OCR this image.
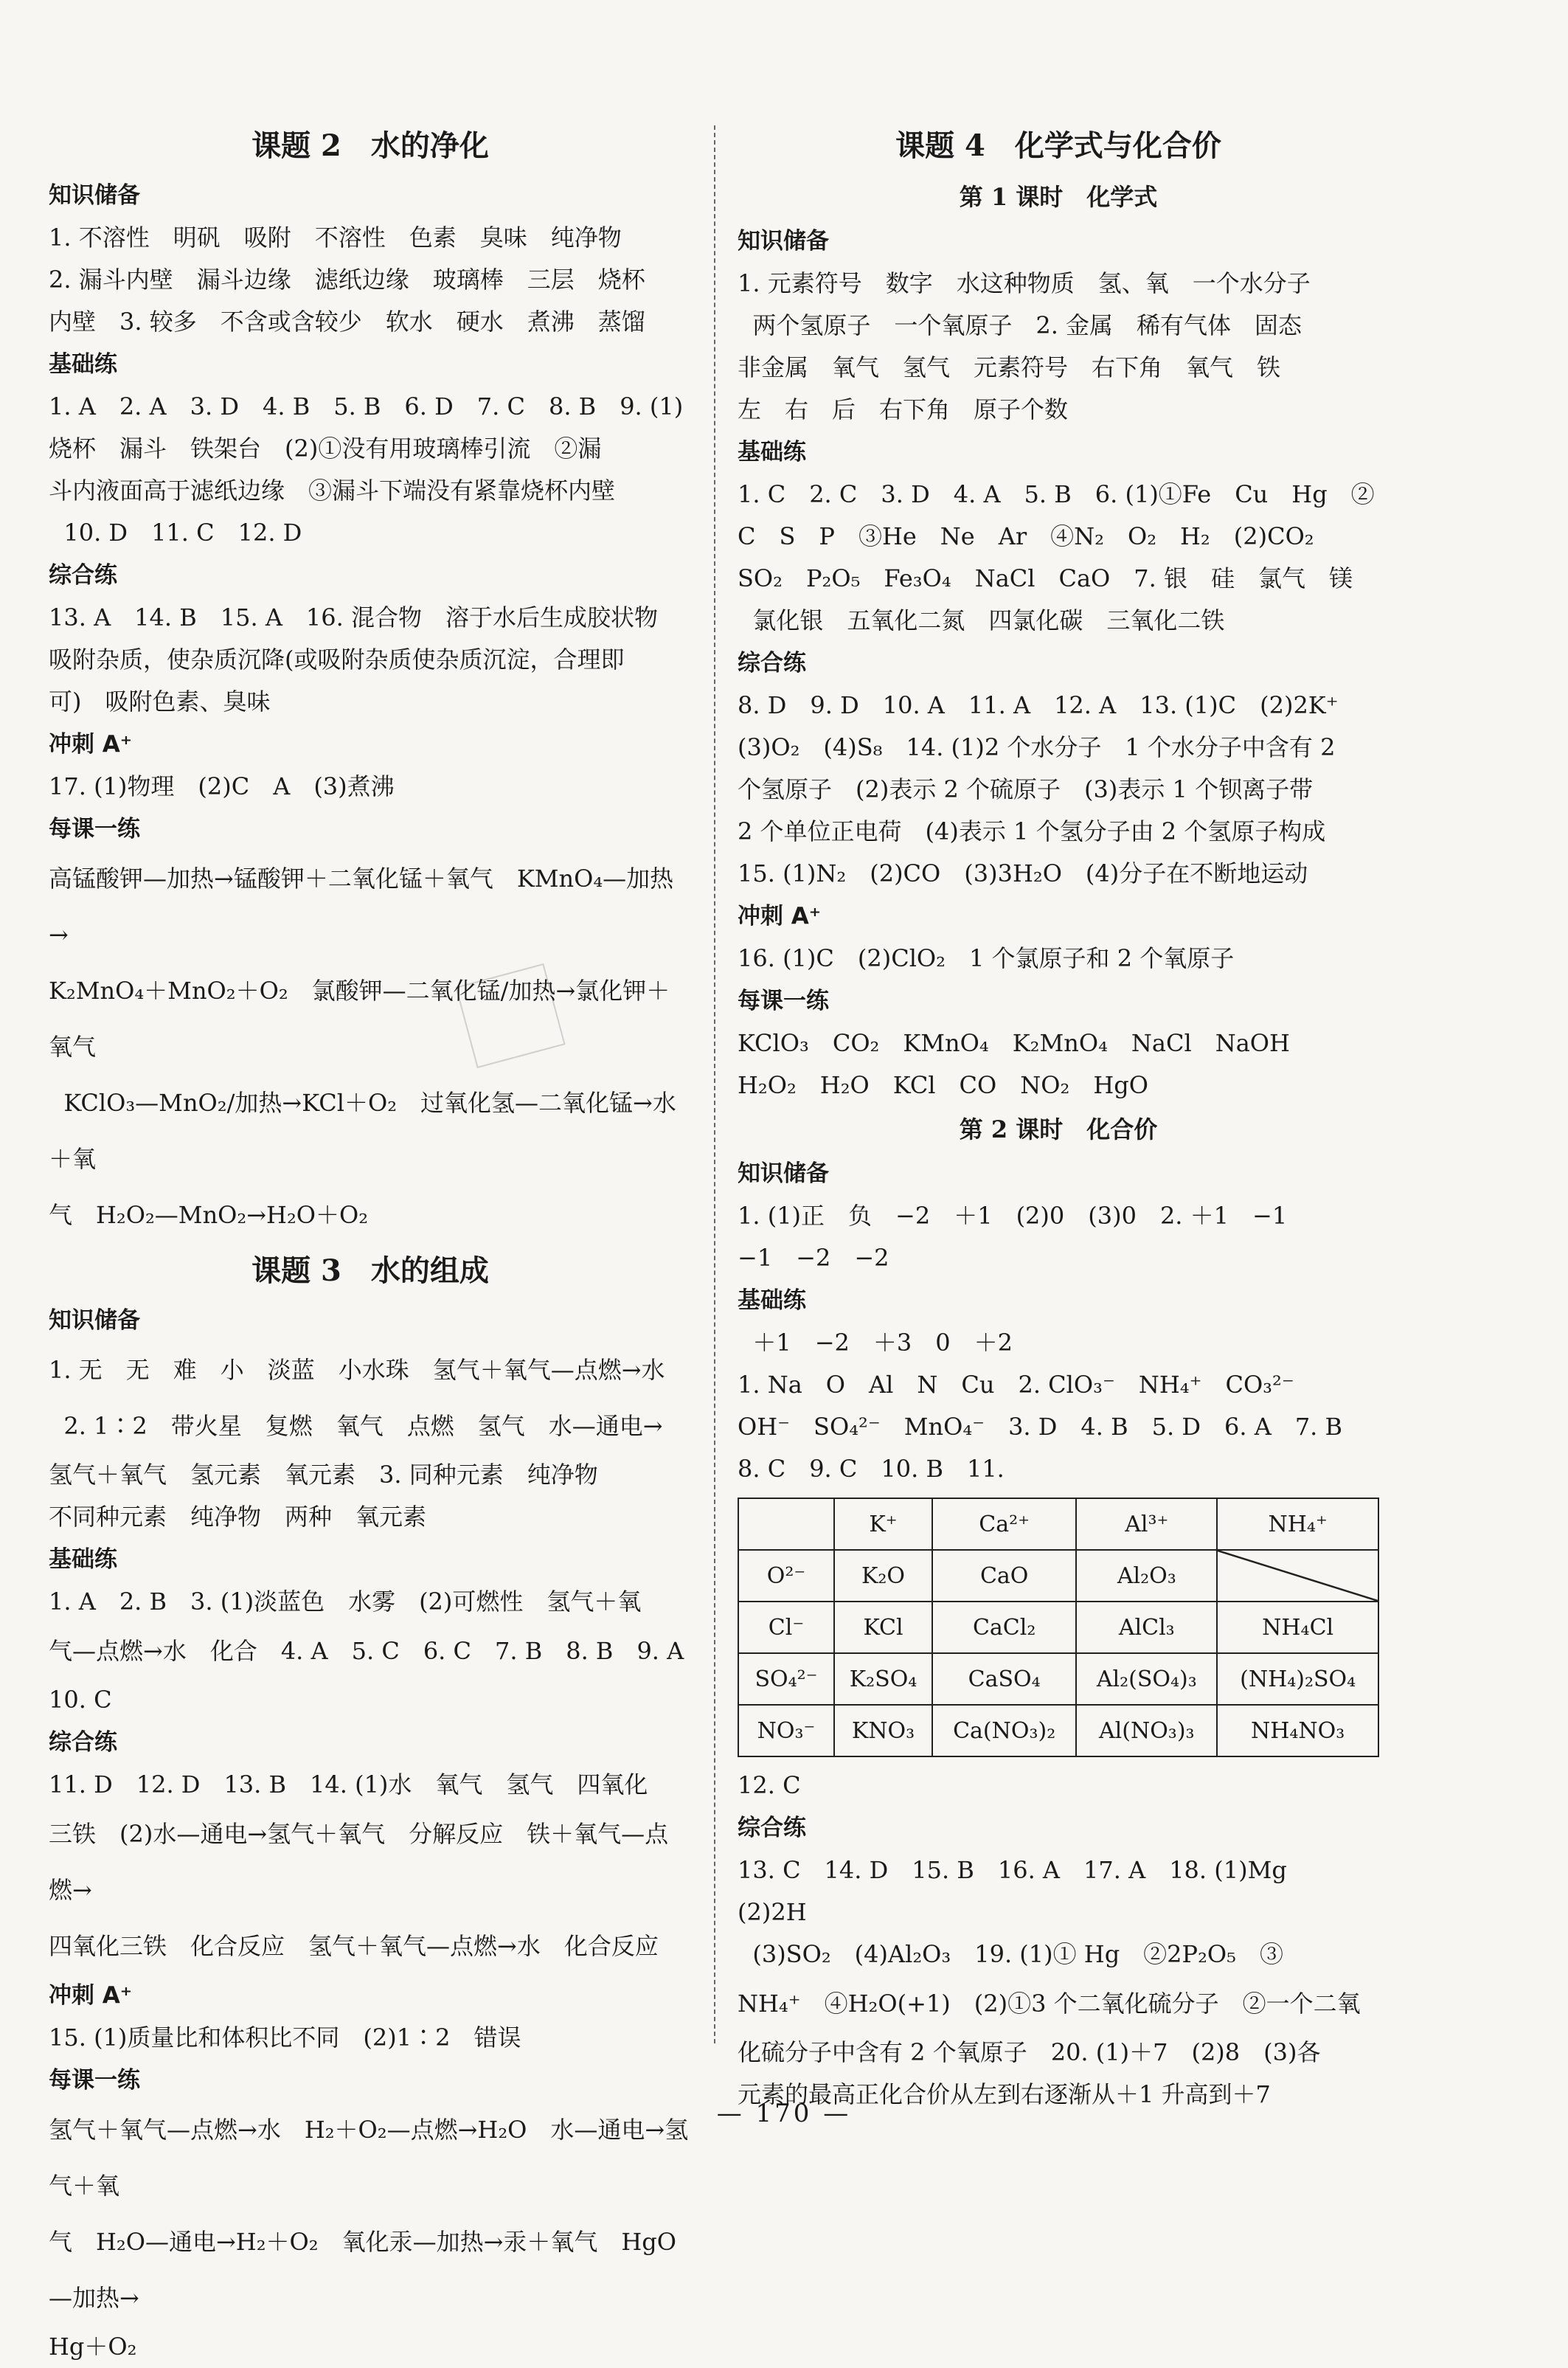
课题 2　水的净化
知识储备

1. 不溶性　明矾　吸附　不溶性　色素　臭味　纯净物

2. 漏斗内壁　漏斗边缘　滤纸边缘　玻璃棒　三层　烧杯

内壁　3. 较多　不含或含较少　软水　硬水　煮沸　蒸馏

基础练

1. A　2. A　3. D　4. B　5. B　6. D　7. C　8. B　9. (1)

烧杯　漏斗　铁架台　(2)①没有用玻璃棒引流　②漏

斗内液面高于滤纸边缘　③漏斗下端没有紧靠烧杯内壁

10. D　11. C　12. D

综合练

13. A　14. B　15. A　16. 混合物　溶于水后生成胶状物

吸附杂质，使杂质沉降(或吸附杂质使杂质沉淀，合理即

可)　吸附色素、臭味

冲刺 A⁺

17. (1)物理　(2)C　A　(3)煮沸

每课一练

高锰酸钾—加热→锰酸钾＋二氧化锰＋氧气　KMnO₄—加热→

K₂MnO₄＋MnO₂＋O₂　氯酸钾—二氧化锰/加热→氯化钾＋氧气

KClO₃—MnO₂/加热→KCl＋O₂　过氧化氢—二氧化锰→水＋氧

气　H₂O₂—MnO₂→H₂O＋O₂

课题 3　水的组成
知识储备

1. 无　无　难　小　淡蓝　小水珠　氢气＋氧气—点燃→水

2. 1∶2　带火星　复燃　氧气　点燃　氢气　水—通电→

氢气＋氧气　氢元素　氧元素　3. 同种元素　纯净物

不同种元素　纯净物　两种　氧元素

基础练

1. A　2. B　3. (1)淡蓝色　水雾　(2)可燃性　氢气＋氧

气—点燃→水　化合　4. A　5. C　6. C　7. B　8. B　9. A

10. C

综合练

11. D　12. D　13. B　14. (1)水　氧气　氢气　四氧化

三铁　(2)水—通电→氢气＋氧气　分解反应　铁＋氧气—点燃→

四氧化三铁　化合反应　氢气＋氧气—点燃→水　化合反应

冲刺 A⁺

15. (1)质量比和体积比不同　(2)1∶2　错误

每课一练

氢气＋氧气—点燃→水　H₂＋O₂—点燃→H₂O　水—通电→氢气＋氧

气　H₂O—通电→H₂＋O₂　氧化汞—加热→汞＋氧气　HgO—加热→

Hg＋O₂

课题 4　化学式与化合价
第 1 课时　化学式
知识储备

1. 元素符号　数字　水这种物质　氢、氧　一个水分子

两个氢原子　一个氧原子　2. 金属　稀有气体　固态

非金属　氧气　氢气　元素符号　右下角　氧气　铁

左　右　后　右下角　原子个数

基础练

1. C　2. C　3. D　4. A　5. B　6. (1)①Fe　Cu　Hg　②

C　S　P　③He　Ne　Ar　④N₂　O₂　H₂　(2)CO₂

SO₂　P₂O₅　Fe₃O₄　NaCl　CaO　7. 银　硅　氯气　镁

氯化银　五氧化二氮　四氯化碳　三氧化二铁

综合练

8. D　9. D　10. A　11. A　12. A　13. (1)C　(2)2K⁺

(3)O₂　(4)S₈　14. (1)2 个水分子　1 个水分子中含有 2

个氢原子　(2)表示 2 个硫原子　(3)表示 1 个钡离子带

2 个单位正电荷　(4)表示 1 个氢分子由 2 个氢原子构成

15. (1)N₂　(2)CO　(3)3H₂O　(4)分子在不断地运动

冲刺 A⁺

16. (1)C　(2)ClO₂　1 个氯原子和 2 个氧原子

每课一练

KClO₃　CO₂　KMnO₄　K₂MnO₄　NaCl　NaOH

H₂O₂　H₂O　KCl　CO　NO₂　HgO

第 2 课时　化合价
知识储备

1. (1)正　负　−2　＋1　(2)0　(3)0　2. ＋1　−1

−1　−2　−2

基础练

＋1　−2　＋3　0　＋2

1. Na　O　Al　N　Cu　2. ClO₃⁻　NH₄⁺　CO₃²⁻

OH⁻　SO₄²⁻　MnO₄⁻　3. D　4. B　5. D　6. A　7. B

8. C　9. C　10. B　11.

	K⁺	Ca²⁺	Al³⁺	NH₄⁺
O²⁻	K₂O	CaO	Al₂O₃	
Cl⁻	KCl	CaCl₂	AlCl₃	NH₄Cl
SO₄²⁻	K₂SO₄	CaSO₄	Al₂(SO₄)₃	(NH₄)₂SO₄
NO₃⁻	KNO₃	Ca(NO₃)₂	Al(NO₃)₃	NH₄NO₃

12. C

综合练

13. C　14. D　15. B　16. A　17. A　18. (1)Mg　(2)2H

(3)SO₂　(4)Al₂O₃　19. (1)① Hg　②2P₂O₅　③

NH₄⁺　④H₂O(+1)　(2)①3 个二氧化硫分子　②一个二氧

化硫分子中含有 2 个氧原子　20. (1)＋7　(2)8　(3)各

元素的最高正化合价从左到右逐渐从＋1 升高到＋7

— 170 —
